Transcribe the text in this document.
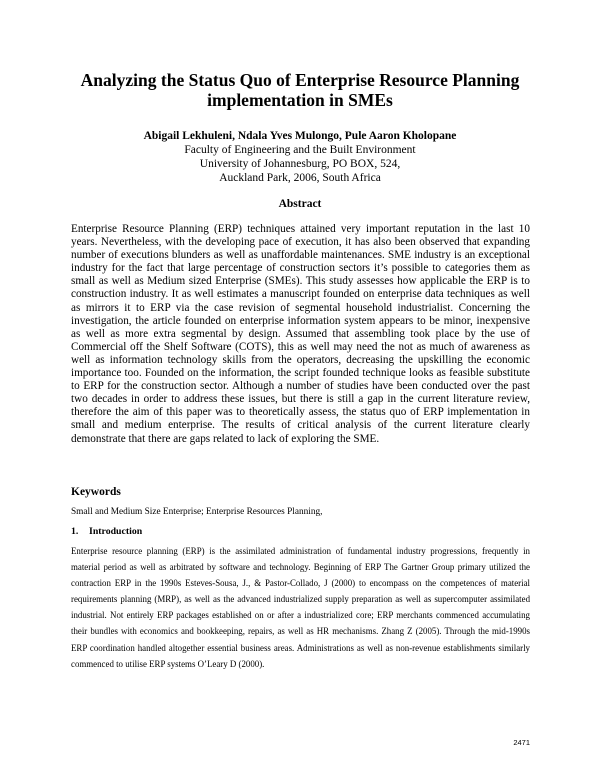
Analyzing the Status Quo of Enterprise Resource Planning
implementation in SMEs
Abigail Lekhuleni, Ndala Yves Mulongo, Pule Aaron Kholopane
Faculty of Engineering and the Built Environment
University of Johannesburg, PO BOX, 524,
Auckland Park, 2006, South Africa
Abstract
Enterprise Resource Planning (ERP) techniques attained very important reputation in the last 10 years. Nevertheless, with the developing pace of execution, it has also been observed that expanding number of executions blunders as well as unaffordable maintenances. SME industry is an exceptional industry for the fact that large percentage of construction sectors it’s possible to categories them as small as well as Medium sized Enterprise (SMEs). This study assesses how applicable the ERP is to construction industry. It as well estimates a manuscript founded on enterprise data techniques as well as mirrors it to ERP via the case revision of segmental household industrialist. Concerning the investigation, the article founded on enterprise information system appears to be minor, inexpensive as well as more extra segmental by design. Assumed that assembling took place by the use of Commercial off the Shelf Software (COTS), this as well may need the not as much of awareness as well as information technology skills from the operators, decreasing the upskilling the economic importance too. Founded on the information, the script founded technique looks as feasible substitute to ERP for the construction sector. Although a number of studies have been conducted over the past two decades in order to address these issues, but there is still a gap in the current literature review, therefore the aim of this paper was to theoretically assess, the status quo of ERP implementation in small and medium enterprise. The results of critical analysis of the current literature clearly demonstrate that there are gaps related to lack of exploring the SME.
Keywords
Small and Medium Size Enterprise; Enterprise Resources Planning,
1. Introduction
Enterprise resource planning (ERP) is the assimilated administration of fundamental industry progressions, frequently in material period as well as arbitrated by software and technology. Beginning of ERP The Gartner Group primary utilized the contraction ERP in the 1990s Esteves-Sousa, J., & Pastor-Collado, J (2000) to encompass on the competences of material requirements planning (MRP), as well as the advanced industrialized supply preparation as well as supercomputer assimilated industrial. Not entirely ERP packages established on or after a industrialized core; ERP merchants commenced accumulating their bundles with economics and bookkeeping, repairs, as well as HR mechanisms. Zhang Z (2005). Through the mid-1990s ERP coordination handled altogether essential business areas. Administrations as well as non-revenue establishments similarly commenced to utilise ERP systems O’Leary D (2000).
2471
